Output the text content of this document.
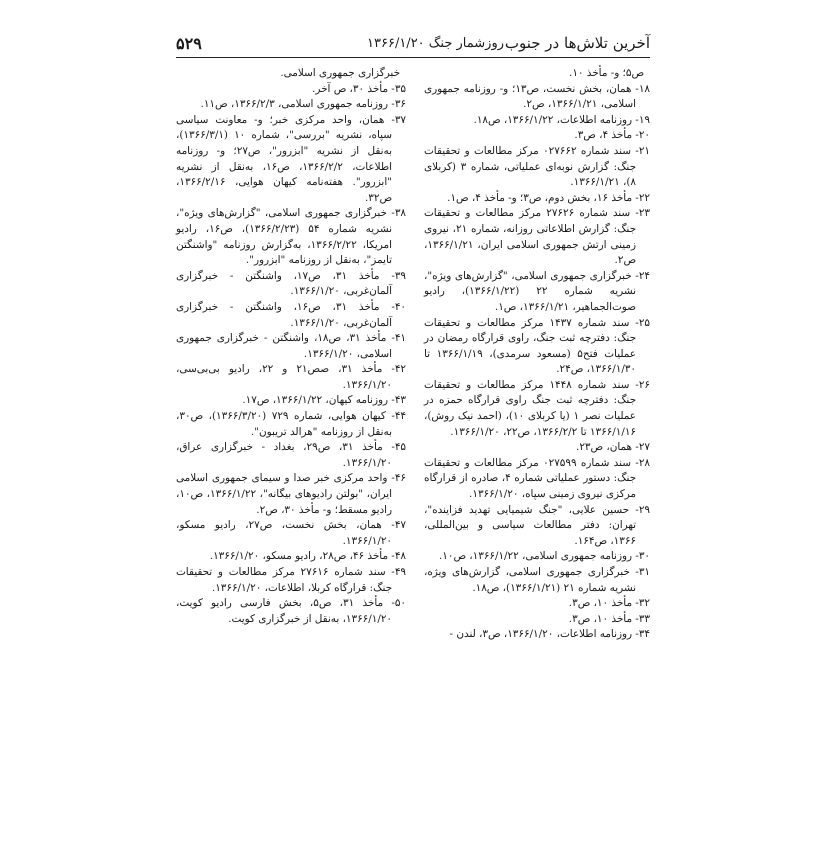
آخرین تلاش‌ها در جنوب
روزشمار جنگ ۱۳۶۶/۱/۲۰
۵۲۹

ص۵؛ و- مأخذ ۱۰.

۱۸- همان، بخش نخست، ص۱۳؛ و- روزنامه جمهوری اسلامی، ۱۳۶۶/۱/۲۱، ص۲.

۱۹- روزنامه اطلاعات، ۱۳۶۶/۱/۲۲، ص۱۸.

۲۰- مأخذ ۴، ص۳.

۲۱- سند شماره ۰۲۷۶۶۲ مرکز مطالعات و تحقیقات جنگ: گزارش نوبه‌ای عملیاتی، شماره ۳ (کربلای ۸)، ۱۳۶۶/۱/۲۱.

۲۲- مأخذ ۱۶، بخش دوم، ص۳؛ و- مأخذ ۴، ص۱.

۲۳- سند شماره ۲۷۶۲۶ مرکز مطالعات و تحقیقات جنگ: گزارش اطلاعاتی روزانه، شماره ۲۱، نیروی زمینی ارتش جمهوری اسلامی ایران، ۱۳۶۶/۱/۲۱، ص۲.

۲۴- خبرگزاری جمهوری اسلامی، "گزارش‌های ویژه"، نشریه شماره ۲۲ (۱۳۶۶/۱/۲۲)، رادیو صوت‌الجماهیر، ۱۳۶۶/۱/۲۱، ص۱.

۲۵- سند شماره ۱۴۳۷ مرکز مطالعات و تحقیقات جنگ: دفترچه ثبت جنگ، راوی قرارگاه رمضان در عملیات فتح۵ (مسعود سرمدی)، ۱۳۶۶/۱/۱۹ تا ۱۳۶۶/۱/۳۰، ص۲۴.

۲۶- سند شماره ۱۴۴۸ مرکز مطالعات و تحقیقات جنگ: دفترچه ثبت جنگ راوی قرارگاه حمزه در عملیات نصر ۱ (یا کربلای ۱۰)، (احمد نیک روش)، ۱۳۶۶/۱/۱۶ تا ۱۳۶۶/۲/۲، ص۲۲، ۱۳۶۶/۱/۲۰.

۲۷- همان، ص۲۳.

۲۸- سند شماره ۰۲۷۵۹۹ مرکز مطالعات و تحقیقات جنگ: دستور عملیاتی شماره ۴، صادره از قرارگاه مرکزی نیروی زمینی سپاه، ۱۳۶۶/۱/۲۰.

۲۹- حسین علایی، "جنگ شیمیایی تهدید فزاینده"، تهران: دفتر مطالعات سیاسی و بین‌المللی، ۱۳۶۶، ص۱۶۴.

۳۰- روزنامه جمهوری اسلامی، ۱۳۶۶/۱/۲۲، ص۱۰.

۳۱- خبرگزاری جمهوری اسلامی، گزارش‌های ویژه، نشریه شماره ۲۱ (۱۳۶۶/۱/۲۱)، ص۱۸.

۳۲- مأخذ ۱۰، ص۳.

۳۳- مأخذ ۱۰، ص۳.

۳۴- روزنامه اطلاعات، ۱۳۶۶/۱/۲۰، ص۳، لندن -

خبرگزاری جمهوری اسلامی.

۳۵- مأخذ ۳۰، ص آخر.

۳۶- روزنامه جمهوری اسلامی، ۱۳۶۶/۲/۳، ص۱۱.

۳۷- همان، واحد مرکزی خبر؛ و- معاونت سیاسی سپاه، نشریه "بررسی"، شماره ۱۰ (۱۳۶۶/۳/۱)، به‌نقل از نشریه "ابزرور"، ص۲۷؛ و- روزنامه اطلاعات، ۱۳۶۶/۲/۲، ص۱۶، به‌نقل از نشریه "ابزرور". هفته‌نامه کیهان هوایی، ۱۳۶۶/۲/۱۶، ص۳۲.

۳۸- خبرگزاری جمهوری اسلامی، "گزارش‌های ویژه"، نشریه شماره ۵۴ (۱۳۶۶/۲/۲۳)، ص۱۶، رادیو امریکا، ۱۳۶۶/۲/۲۲، به‌گزارش روزنامه "واشنگتن تایمز"، به‌نقل از روزنامه "ابزرور".

۳۹- مأخذ ۳۱، ص۱۷، واشنگتن - خبرگزاری آلمان‌غربی، ۱۳۶۶/۱/۲۰.

۴۰- مأخذ ۳۱، ص۱۶، واشنگتن - خبرگزاری آلمان‌غربی، ۱۳۶۶/۱/۲۰.

۴۱- مأخذ ۳۱، ص۱۸، واشنگتن - خبرگزاری جمهوری اسلامی، ۱۳۶۶/۱/۲۰.

۴۲- مأخذ ۳۱، صص۲۱ و ۲۲، رادیو بی‌بی‌سی، ۱۳۶۶/۱/۲۰.

۴۳- روزنامه کیهان، ۱۳۶۶/۱/۲۲، ص۱۷.

۴۴- کیهان هوایی، شماره ۷۲۹ (۱۳۶۶/۳/۲۰)، ص۳۰، به‌نقل از روزنامه "هرالد تریبون".

۴۵- مأخذ ۳۱، ص۲۹، بغداد - خبرگزاری عراق، ۱۳۶۶/۱/۲۰.

۴۶- واحد مرکزی خبر صدا و سیمای جمهوری اسلامی ایران، "بولتن رادیوهای بیگانه"، ۱۳۶۶/۱/۲۲، ص۱۰، رادیو مسقط؛ و- مأخذ ۳۰، ص۲.

۴۷- همان، بخش نخست، ص۲۷، رادیو مسکو، ۱۳۶۶/۱/۲۰.

۴۸- مأخذ ۴۶، ص۲۸، رادیو مسکو، ۱۳۶۶/۱/۲۰.

۴۹- سند شماره ۲۷۶۱۶ مرکز مطالعات و تحقیقات جنگ: قرارگاه کربلا، اطلاعات، ۱۳۶۶/۱/۲۰.

۵۰- مأخذ ۳۱، ص۵، بخش فارسی رادیو کویت، ۱۳۶۶/۱/۲۰، به‌نقل از خبرگزاری کویت.
